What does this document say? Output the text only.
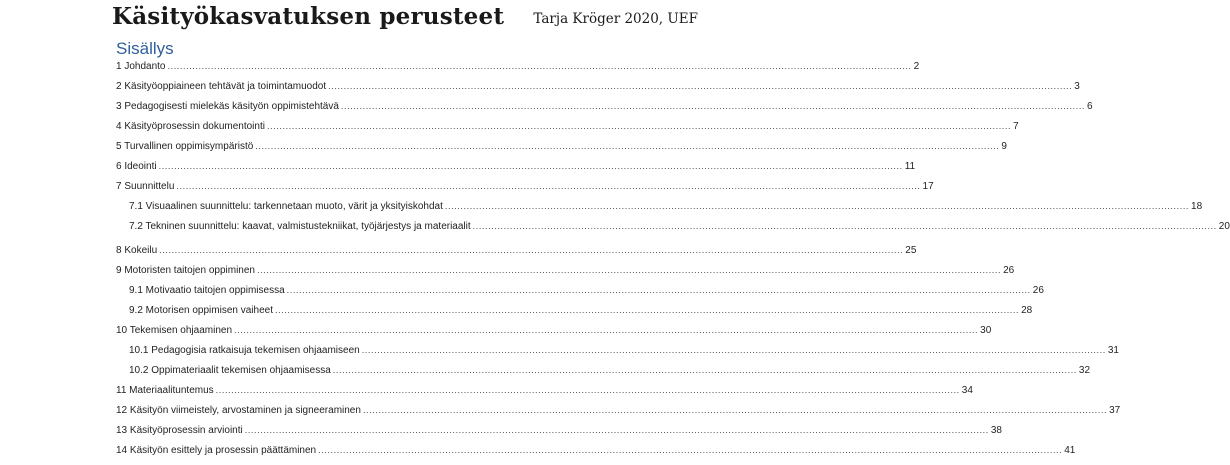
Käsityökasvatuksen perusteet Tarja Kröger 2020, UEF
Sisällys
1 Johdanto .....	2
2 Käsityöoppiaineen tehtävät ja toimintamuodot .....	3
3 Pedagogisesti mielekäs käsityön oppimistehtävä .....	6
4 Käsityöprosessin dokumentointi .....	7
5 Turvallinen oppimisympäristö .....	9
6 Ideointi .....	11
7 Suunnittelu .....	17
7.1 Visuaalinen suunnittelu: tarkennetaan muoto, värit ja yksityiskohdat .....	18
7.2 Tekninen suunnittelu: kaavat, valmistustekniikat, työjärjestys ja materiaalit .....	20
8 Kokeilu .....	25
9 Motoristen taitojen oppiminen .....	26
9.1 Motivaatio taitojen oppimisessa .....	26
9.2 Motorisen oppimisen vaiheet .....	28
10 Tekemisen ohjaaminen .....	30
10.1 Pedagogisia ratkaisuja tekemisen ohjaamiseen .....	31
10.2 Oppimateriaalit tekemisen ohjaamisessa .....	32
11 Materiaalituntemus .....	34
12 Käsityön viimeistely, arvostaminen ja signeeraminen .....	37
13 Käsityöprosessin arviointi .....	38
14 Käsityön esittely ja prosessin päättäminen .....	41
